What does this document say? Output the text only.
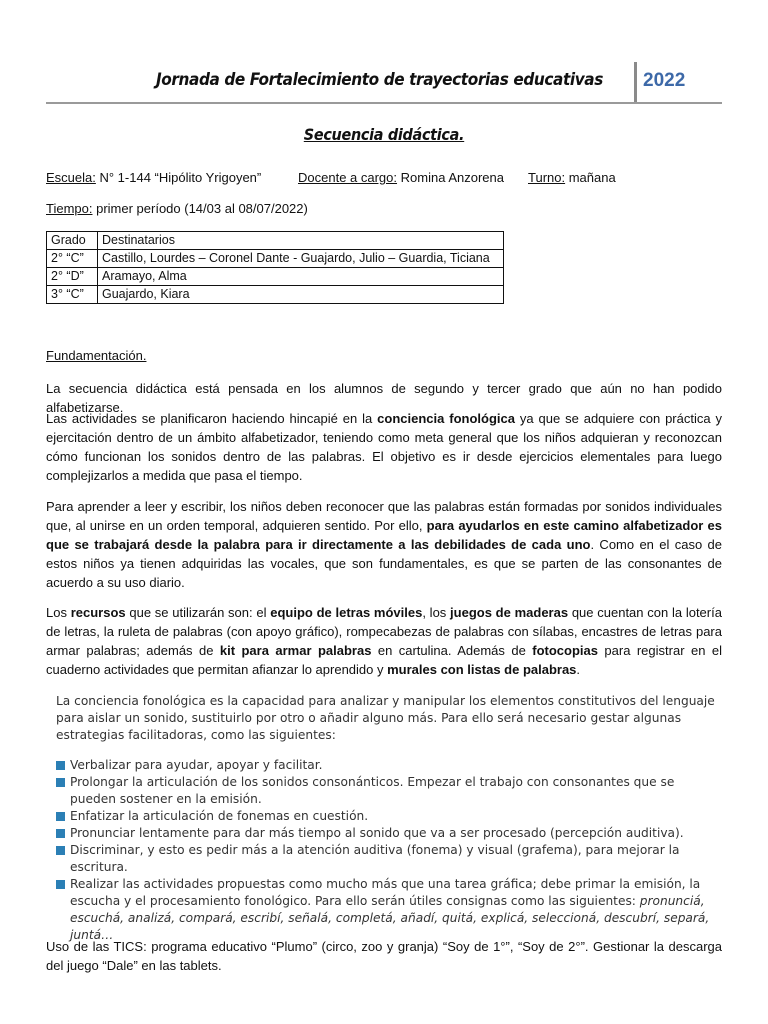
Jornada de Fortalecimiento de trayectorias educativas 2022
Secuencia didáctica.
Escuela: N° 1-144 “Hipólito Yrigoyen”	Docente a cargo: Romina Anzorena Turno: mañana
Tiempo: primer período (14/03 al 08/07/2022)
Grado	Destinatarios
2° “C”	Castillo, Lourdes – Coronel Dante - Guajardo, Julio – Guardia, Ticiana
2° “D”	Aramayo, Alma
3° “C”	Guajardo, Kiara
Fundamentación.
La secuencia didáctica está pensada en los alumnos de segundo y tercer grado que aún no han podido alfabetizarse.
Las actividades se planificaron haciendo hincapié en la conciencia fonológica ya que se adquiere con práctica y ejercitación dentro de un ámbito alfabetizador, teniendo como meta general que los niños adquieran y reconozcan cómo funcionan los sonidos dentro de las palabras. El objetivo es ir desde ejercicios elementales para luego complejizarlos a medida que pasa el tiempo.
Para aprender a leer y escribir, los niños deben reconocer que las palabras están formadas por sonidos individuales que, al unirse en un orden temporal, adquieren sentido. Por ello, para ayudarlos en este camino alfabetizador es que se trabajará desde la palabra para ir directamente a las debilidades de cada uno. Como en el caso de estos niños ya tienen adquiridas las vocales, que son fundamentales, es que se parten de las consonantes de acuerdo a su uso diario.
Los recursos que se utilizarán son: el equipo de letras móviles, los juegos de maderas que cuentan con la lotería de letras, la ruleta de palabras (con apoyo gráfico), rompecabezas de palabras con sílabas, encastres de letras para armar palabras; además de kit para armar palabras en cartulina. Además de fotocopias para registrar en el cuaderno actividades que permitan afianzar lo aprendido y murales con listas de palabras.

La conciencia fonológica es la capacidad para analizar y manipular los elementos constitutivos del lenguaje para aislar un sonido, sustituirlo por otro o añadir alguno más. Para ello será necesario gestar algunas estrategias facilitadoras, como las siguientes:

Verbalizar para ayudar, apoyar y facilitar.

Prolongar la articulación de los sonidos consonánticos. Empezar el trabajo con consonantes que se pueden sostener en la emisión.

Enfatizar la articulación de fonemas en cuestión.

Pronunciar lentamente para dar más tiempo al sonido que va a ser procesado (percepción auditiva).

Discriminar, y esto es pedir más a la atención auditiva (fonema) y visual (grafema), para mejorar la escritura.

Realizar las actividades propuestas como mucho más que una tarea gráfica; debe primar la emisión, la escucha y el procesamiento fonológico. Para ello serán útiles consignas como las siguientes: pronunciá, escuchá, analizá, compará, escribí, señalá, completá, añadí, quitá, explicá, seleccioná, descubrí, separá, juntá…

Uso de las TICS: programa educativo “Plumo” (circo, zoo y granja) “Soy de 1°”, “Soy de 2°”. Gestionar la descarga del juego “Dale” en las tablets.
